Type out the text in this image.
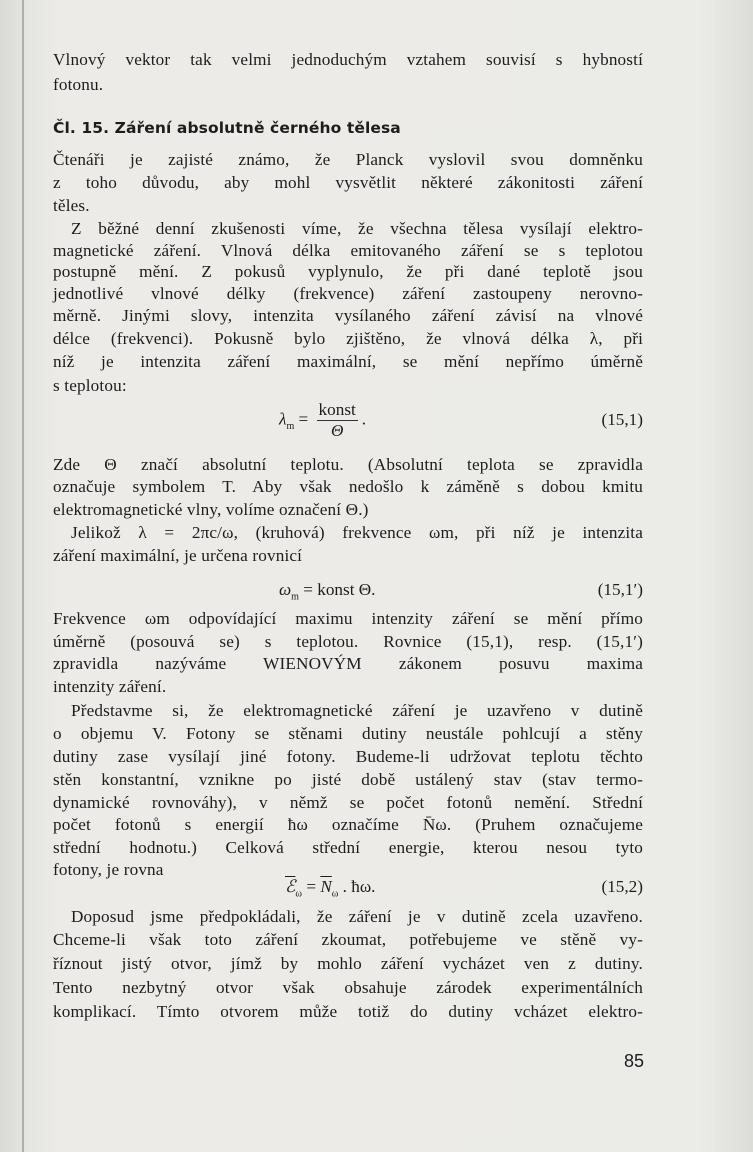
Vlnový vektor tak velmi jednoduchým vztahem souvisí s hybností
fotonu.
Čtenáři je zajisté známo, že Planck vyslovil svou domněnku
z toho důvodu, aby mohl vysvětlit některé zákonitosti záření
těles.
Z běžné denní zkušenosti víme, že všechna tělesa vysílají elektro-
magnetické záření. Vlnová délka emitovaného záření se s teplotou
postupně mění. Z pokusů vyplynulo, že při dané teplotě jsou
jednotlivé vlnové délky (frekvence) záření zastoupeny nerovno-
měrně. Jinými slovy, intenzita vysílaného záření závisí na vlnové
délce (frekvenci). Pokusně bylo zjištěno, že vlnová délka λ, při
níž je intenzita záření maximální, se mění nepřímo úměrně
s teplotou:
Zde Θ značí absolutní teplotu. (Absolutní teplota se zpravidla
označuje symbolem T. Aby však nedošlo k záměně s dobou kmitu
elektromagnetické vlny, volíme označení Θ.)
Jelikož λ = 2πc/ω, (kruhová) frekvence ωm, při níž je intenzita
záření maximální, je určena rovnicí
Frekvence ωm odpovídající maximu intenzity záření se mění přímo
úměrně (posouvá se) s teplotou. Rovnice (15,1), resp. (15,1′)
zpravidla nazýváme WIENOVÝM zákonem posuvu maxima
intenzity záření.
Představme si, že elektromagnetické záření je uzavřeno v dutině
o objemu V. Fotony se stěnami dutiny neustále pohlcují a stěny
dutiny zase vysílají jiné fotony. Budeme-li udržovat teplotu těchto
stěn konstantní, vznikne po jisté době ustálený stav (stav termo-
dynamické rovnováhy), v němž se počet fotonů nemění. Střední
počet fotonů s energií ħω označíme N̄ω. (Pruhem označujeme
střední hodnotu.) Celková střední energie, kterou nesou tyto
fotony, je rovna
Doposud jsme předpokládali, že záření je v dutině zcela uzavřeno.
Chceme-li však toto záření zkoumat, potřebujeme ve stěně vy-
říznout jistý otvor, jímž by mohlo záření vycházet ven z dutiny.
Tento nezbytný otvor však obsahuje zárodek experimentálních
komplikací. Tímto otvorem může totiž do dutiny vcházet elektro-
Čl. 15. Záření absolutně černého tělesa
$\lambda_m = \frac{\text{konst}}{\Theta}$ .	(15,1)
$\omega_m$ = konst Θ.	(15,1′)
ℰ$_\omega$ = $\overline{N}_\omega$ . ħω.	(15,2)
85
